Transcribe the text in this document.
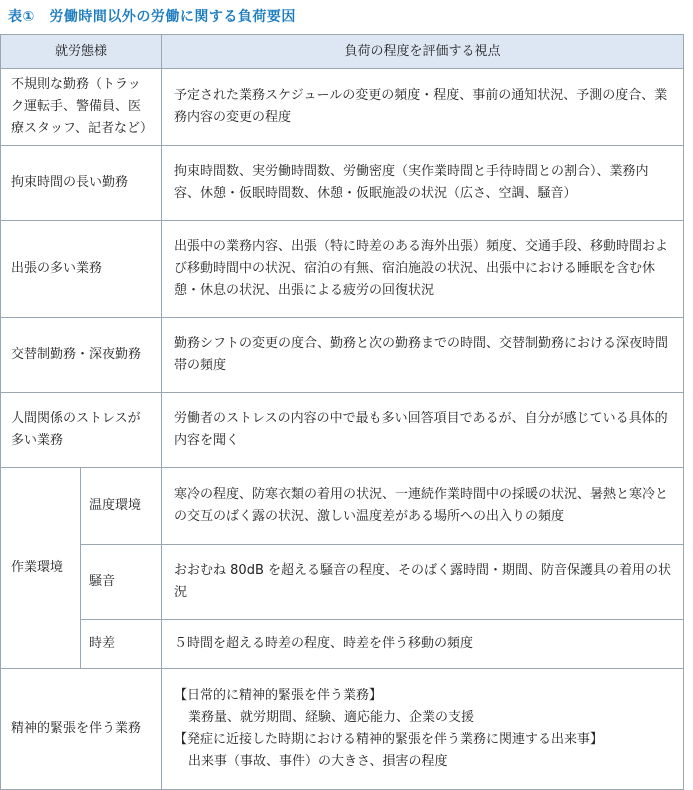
表①　労働時間以外の労働に関する負荷要因
就労態様		負荷の程度を評価する視点
不規則な勤務（トラック運転手、警備員、医療スタッフ、記者など）		予定された業務スケジュールの変更の頻度・程度、事前の通知状況、予測の度合、業務内容の変更の程度
拘束時間の長い勤務		拘束時間数、実労働時間数、労働密度（実作業時間と手待時間との割合）、業務内容、休憩・仮眠時間数、休憩・仮眠施設の状況（広さ、空調、騒音）
出張の多い業務		出張中の業務内容、出張（特に時差のある海外出張）頻度、交通手段、移動時間および移動時間中の状況、宿泊の有無、宿泊施設の状況、出張中における睡眠を含む休憩・休息の状況、出張による疲労の回復状況
交替制勤務・深夜勤務		勤務シフトの変更の度合、勤務と次の勤務までの時間、交替制勤務における深夜時間帯の頻度
人間関係のストレスが多い業務		労働者のストレスの内容の中で最も多い回答項目であるが、自分が感じている具体的内容を聞く
作業環境	温度環境	寒冷の程度、防寒衣類の着用の状況、一連続作業時間中の採暖の状況、暑熱と寒冷との交互のばく露の状況、激しい温度差がある場所への出入りの頻度
	騒音	おおむね 80dB を超える騒音の程度、そのばく露時間・期間、防音保護具の着用の状況
	時差	５時間を超える時差の程度、時差を伴う移動の頻度
精神的緊張を伴う業務		【日常的に精神的緊張を伴う業務】
業務量、就労期間、経験、適応能力、企業の支援
【発症に近接した時期における精神的緊張を伴う業務に関連する出来事】
出来事（事故、事件）の大きさ、損害の程度
